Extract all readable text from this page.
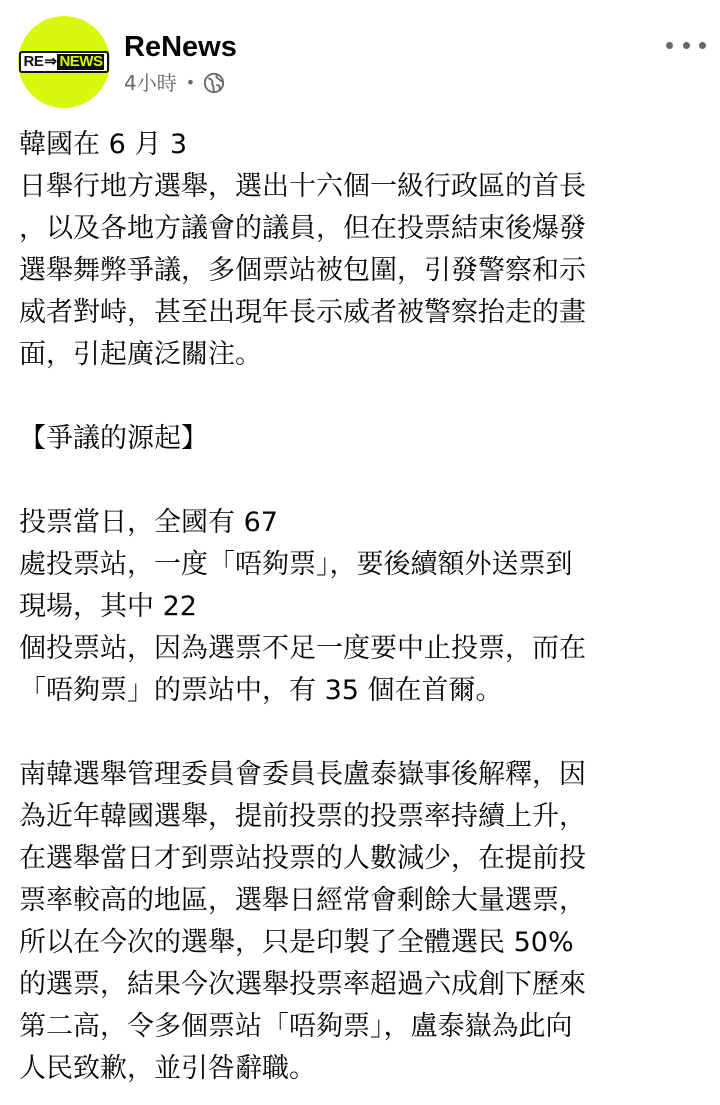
RE ⇒ NEWS ReNews
4小時 •
韓國在 6 月 3
日舉行地方選舉，選出十六個一級行政區的首長
，以及各地方議會的議員，但在投票結束後爆發
選舉舞弊爭議，多個票站被包圍，引發警察和示
威者對峙，甚至出現年長示威者被警察抬走的畫
面，引起廣泛關注。
【爭議的源起】
投票當日，全國有 67
處投票站，一度「唔夠票」，要後續額外送票到
現場，其中 22
個投票站，因為選票不足一度要中止投票，而在
「唔夠票」的票站中，有 35 個在首爾。
南韓選舉管理委員會委員長盧泰嶽事後解釋，因
為近年韓國選舉，提前投票的投票率持續上升，
在選舉當日才到票站投票的人數減少，在提前投
票率較高的地區，選舉日經常會剩餘大量選票，
所以在今次的選舉，只是印製了全體選民 50%
的選票，結果今次選舉投票率超過六成創下歷來
第二高，令多個票站「唔夠票」，盧泰嶽為此向
人民致歉，並引咎辭職。
